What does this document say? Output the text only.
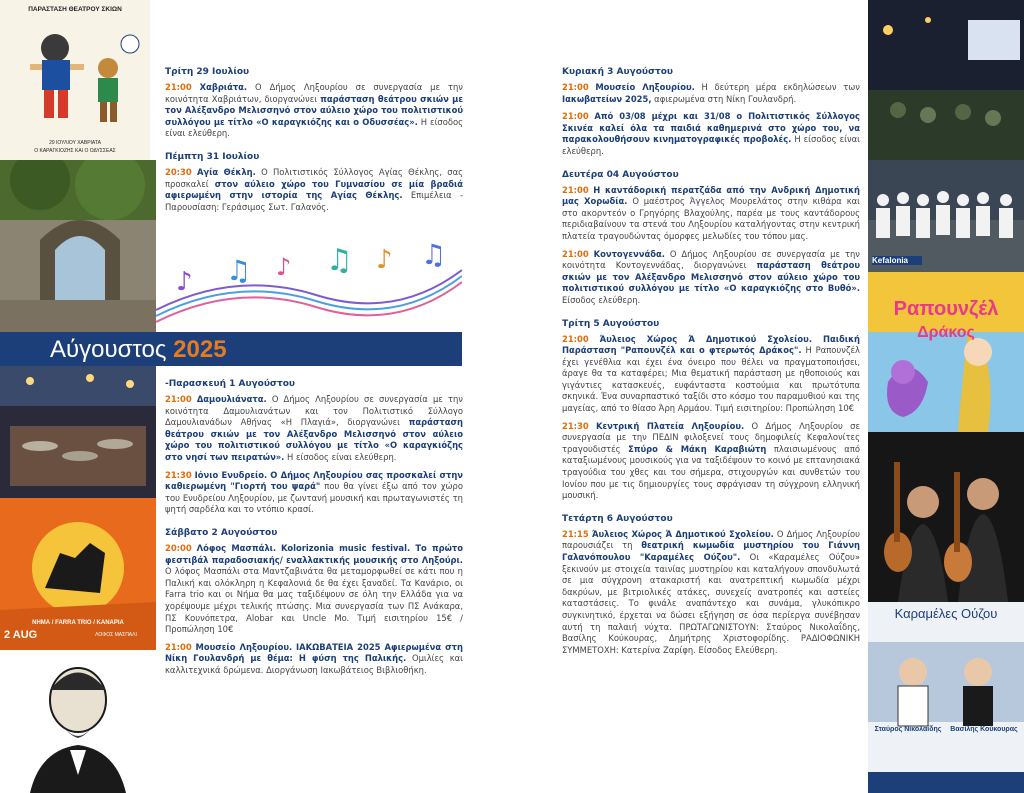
ΠΑΡΑΣΤΑΣΗ ΘΕΑΤΡΟΥ ΣΚΙΩΝ
29 ΙΟΥΛΙΟΥ ΧΑΒΡΙΑΤΑ
Ο ΚΑΡΑΓΚΙΟΖΗΣ ΚΑΙ Ο ΟΔΥΣΣΕΑΣ
♪ ♫ ♪ ♫ ♪ ♫
Αύγουστος 2025
ΝΗΜΑ / FARRA TRIO / KANAPIA
2 AUG	ΛΟΦΟΣ ΜΑΣΠΑΛΙ
Kefalonia
Ραπουνζέλ
Δράκος
Καραμέλες Ούζου
Σταύρος Νικολαΐδης	Βασίλης Κούκουρας
Τρίτη 29 Ιουλίου

21:00 Χαβριάτα. Ο Δήμος Ληξουρίου σε συνεργασία με την κοινότητα Χαβριάτων, διοργανώνει παράσταση θεάτρου σκιών με τον Αλέξανδρο Μελισσηνό στον αύλειο χώρο του πολιτιστικού συλλόγου με τίτλο «Ο καραγκιόζης και ο Οδυσσέας». Η είσοδος είναι ελεύθερη.

Πέμπτη 31 Ιουλίου

20:30 Αγία Θέκλη. Ο Πολιτιστικός Σύλλογος Αγίας Θέκλης, σας προσκαλεί στον αύλειο χώρο του Γυμνασίου σε μία βραδιά αφιερωμένη στην ιστορία της Αγίας Θέκλης. Επιμέλεια - Παρουσίαση: Γεράσιμος Σωτ. Γαλανός.

-Παρασκευή 1 Αυγούστου

21:00 Δαμουλιάνατα. Ο Δήμος Ληξουρίου σε συνεργασία με την κοινότητα Δαμουλιανάτων και τον Πολιτιστικό Σύλλογο Δαμουλιανάδων Αθήνας «Η Πλαγιά», διοργανώνει παράσταση θεάτρου σκιών με τον Αλέξανδρο Μελισσηνό στον αύλειο χώρο του πολιτιστικού συλλόγου με τίτλο «Ο καραγκιόζης στο νησί των πειρατών». Η είσοδος είναι ελεύθερη.

21:30 Ιόνιο Ενυδρείο. Ο Δήμος Ληξουρίου σας προσκαλεί στην καθιερωμένη "Γιορτή του ψαρά" που θα γίνει έξω από τον χώρο του Ενυδρείου Ληξουρίου, με ζωντανή μουσική και πρωταγωνιστές τη ψητή σαρδέλα και το ντόπιο κρασί.

Σάββατο 2 Αυγούστου

20:00 Λόφος Μασπάλι. Kolorizonia music festival. Το πρώτο φεστιβάλ παραδοσιακής/ εναλλακτικής μουσικής στο Ληξούρι. Ο λόφος Μασπάλι στα Μαντζαβινάτα θα μεταμορφωθεί σε κάτι που η Παλική και ολόκληρη η Κεφαλονιά δε θα έχει ξαναδεί. Τα Κανάριο, οι Farra trio και οι Νήμα θα μας ταξιδέψουν σε όλη την Ελλάδα για να χορέψουμε μέχρι τελικής πτώσης. Μια συνεργασία των ΠΣ Ανάκαρα, ΠΣ Κουνόπετρα, Alobar και Uncle Mo. Τιμή εισιτηρίου 15€ / Προπώληση 10€

21:00 Μουσείο Ληξουρίου. ΙΑΚΩΒΑΤΕΙΑ 2025 Αφιερωμένα στη Νίκη Γουλανδρή με θέμα: Η φύση της Παλικής. Ομιλίες και καλλιτεχνικά δρώμενα. Διοργάνωση Ιακωβάτειος Βιβλιοθήκη.

Κυριακή 3 Αυγούστου

21:00 Μουσείο Ληξουρίου. Η δεύτερη μέρα εκδηλώσεων των Ιακωβατείων 2025, αφιερωμένα στη Νίκη Γουλανδρή.

21:00 Από 03/08 μέχρι και 31/08 ο Πολιτιστικός Σύλλογος Σκινέα καλεί όλα τα παιδιά καθημερινά στο χώρο του, να παρακολουθήσουν κινηματογραφικές προβολές. Η είσοδος είναι ελεύθερη.

Δευτέρα 04 Αυγούστου

21:00 Η καντάδορική περατζάδα από την Ανδρική Δημοτική μας Χορωδία. Ο μαέστρος Άγγελος Μουρελάτος στην κιθάρα και στο ακορντεόν ο Γρηγόρης Βλαχούλης, παρέα με τους καντάδορους περιδιαβαίνουν τα στενά του Ληξουρίου καταλήγοντας στην κεντρική πλατεία τραγουδώντας όμορφες μελωδίες του τόπου μας.

21:00 Κοντογεννάδα. Ο Δήμος Ληξουρίου σε συνεργασία με την κοινότητα Κοντογεννάδας, διοργανώνει παράσταση θεάτρου σκιών με τον Αλέξανδρο Μελισσηνό στον αύλειο χώρο του πολιτιστικού συλλόγου με τίτλο «Ο καραγκιόζης στο Βυθό». Είσοδος ελεύθερη.

Τρίτη 5 Αυγούστου

21:00 Άυλειος Χώρος Ά Δημοτικού Σχολείου. Παιδική Παράσταση "Ραπουνζέλ και ο φτερωτός Δράκος". Η Ραπουνζέλ έχει γενέθλια και έχει ένα όνειρο που θέλει να πραγματοποιήσει, άραγε θα τα καταφέρει; Μια θεματική παράσταση με ηθοποιούς και γιγάντιες κατασκευές, ευφάνταστα κοστούμια και πρωτότυπα σκηνικά. Ένα συναρπαστικό ταξίδι στο κόσμο του παραμυθιού και της μαγείας, από το θίασο Άρη Αρμάου. Τιμή εισιτηρίου: Προπώληση 10€

21:30 Κεντρική Πλατεία Ληξουρίου. Ο Δήμος Ληξουρίου σε συνεργασία με την ΠΕΔΙΝ φιλοξενεί τους δημοφιλείς Κεφαλονίτες τραγουδιστές Σπύρο & Μάκη Καραβιώτη πλαισιωμένους από καταξιωμένους μουσικούς για να ταξιδέψουν το κοινό με επτανησιακά τραγούδια του χθες και του σήμερα, στιχουργών και συνθετών του Ιονίου που με τις δημιουργίες τους σφράγισαν τη σύγχρονη ελληνική μουσική.

Τετάρτη 6 Αυγούστου

21:15 Άυλειος Χώρος Ά Δημοτικού Σχολείου. Ο Δήμος Ληξουρίου παρουσιάζει τη θεατρική κωμωδία μυστηρίου του Γιάννη Γαλανόπουλου "Καραμέλες Ούζου". Οι «Καραμέλες Ούζου» ξεκινούν με στοιχεία ταινίας μυστηρίου και καταλήγουν σπονδυλωτά σε μια σύγχρονη ατακαριστή και ανατρεπτική κωμωδία μέχρι δακρύων, με βιτριολικές ατάκες, συνεχείς ανατροπές και αστείες καταστάσεις. Το φινάλε αναπάντεχο και συνάμα, γλυκόπικρο συγκινητικό, έρχεται να δώσει εξήγηση σε όσα περίεργα συνέβησαν αυτή τη παλαιή νύχτα. ΠΡΩΤΑΓΩΝΙΣΤΟΥΝ: Σταύρος Νικολαΐδης, Βασίλης Κούκουρας, Δημήτρης Χριστοφορίδης. ΡΑΔΙΟΦΩΝΙΚΗ ΣΥΜΜΕΤΟΧΗ: Κατερίνα Ζαρίφη. Είσοδος Ελεύθερη.
